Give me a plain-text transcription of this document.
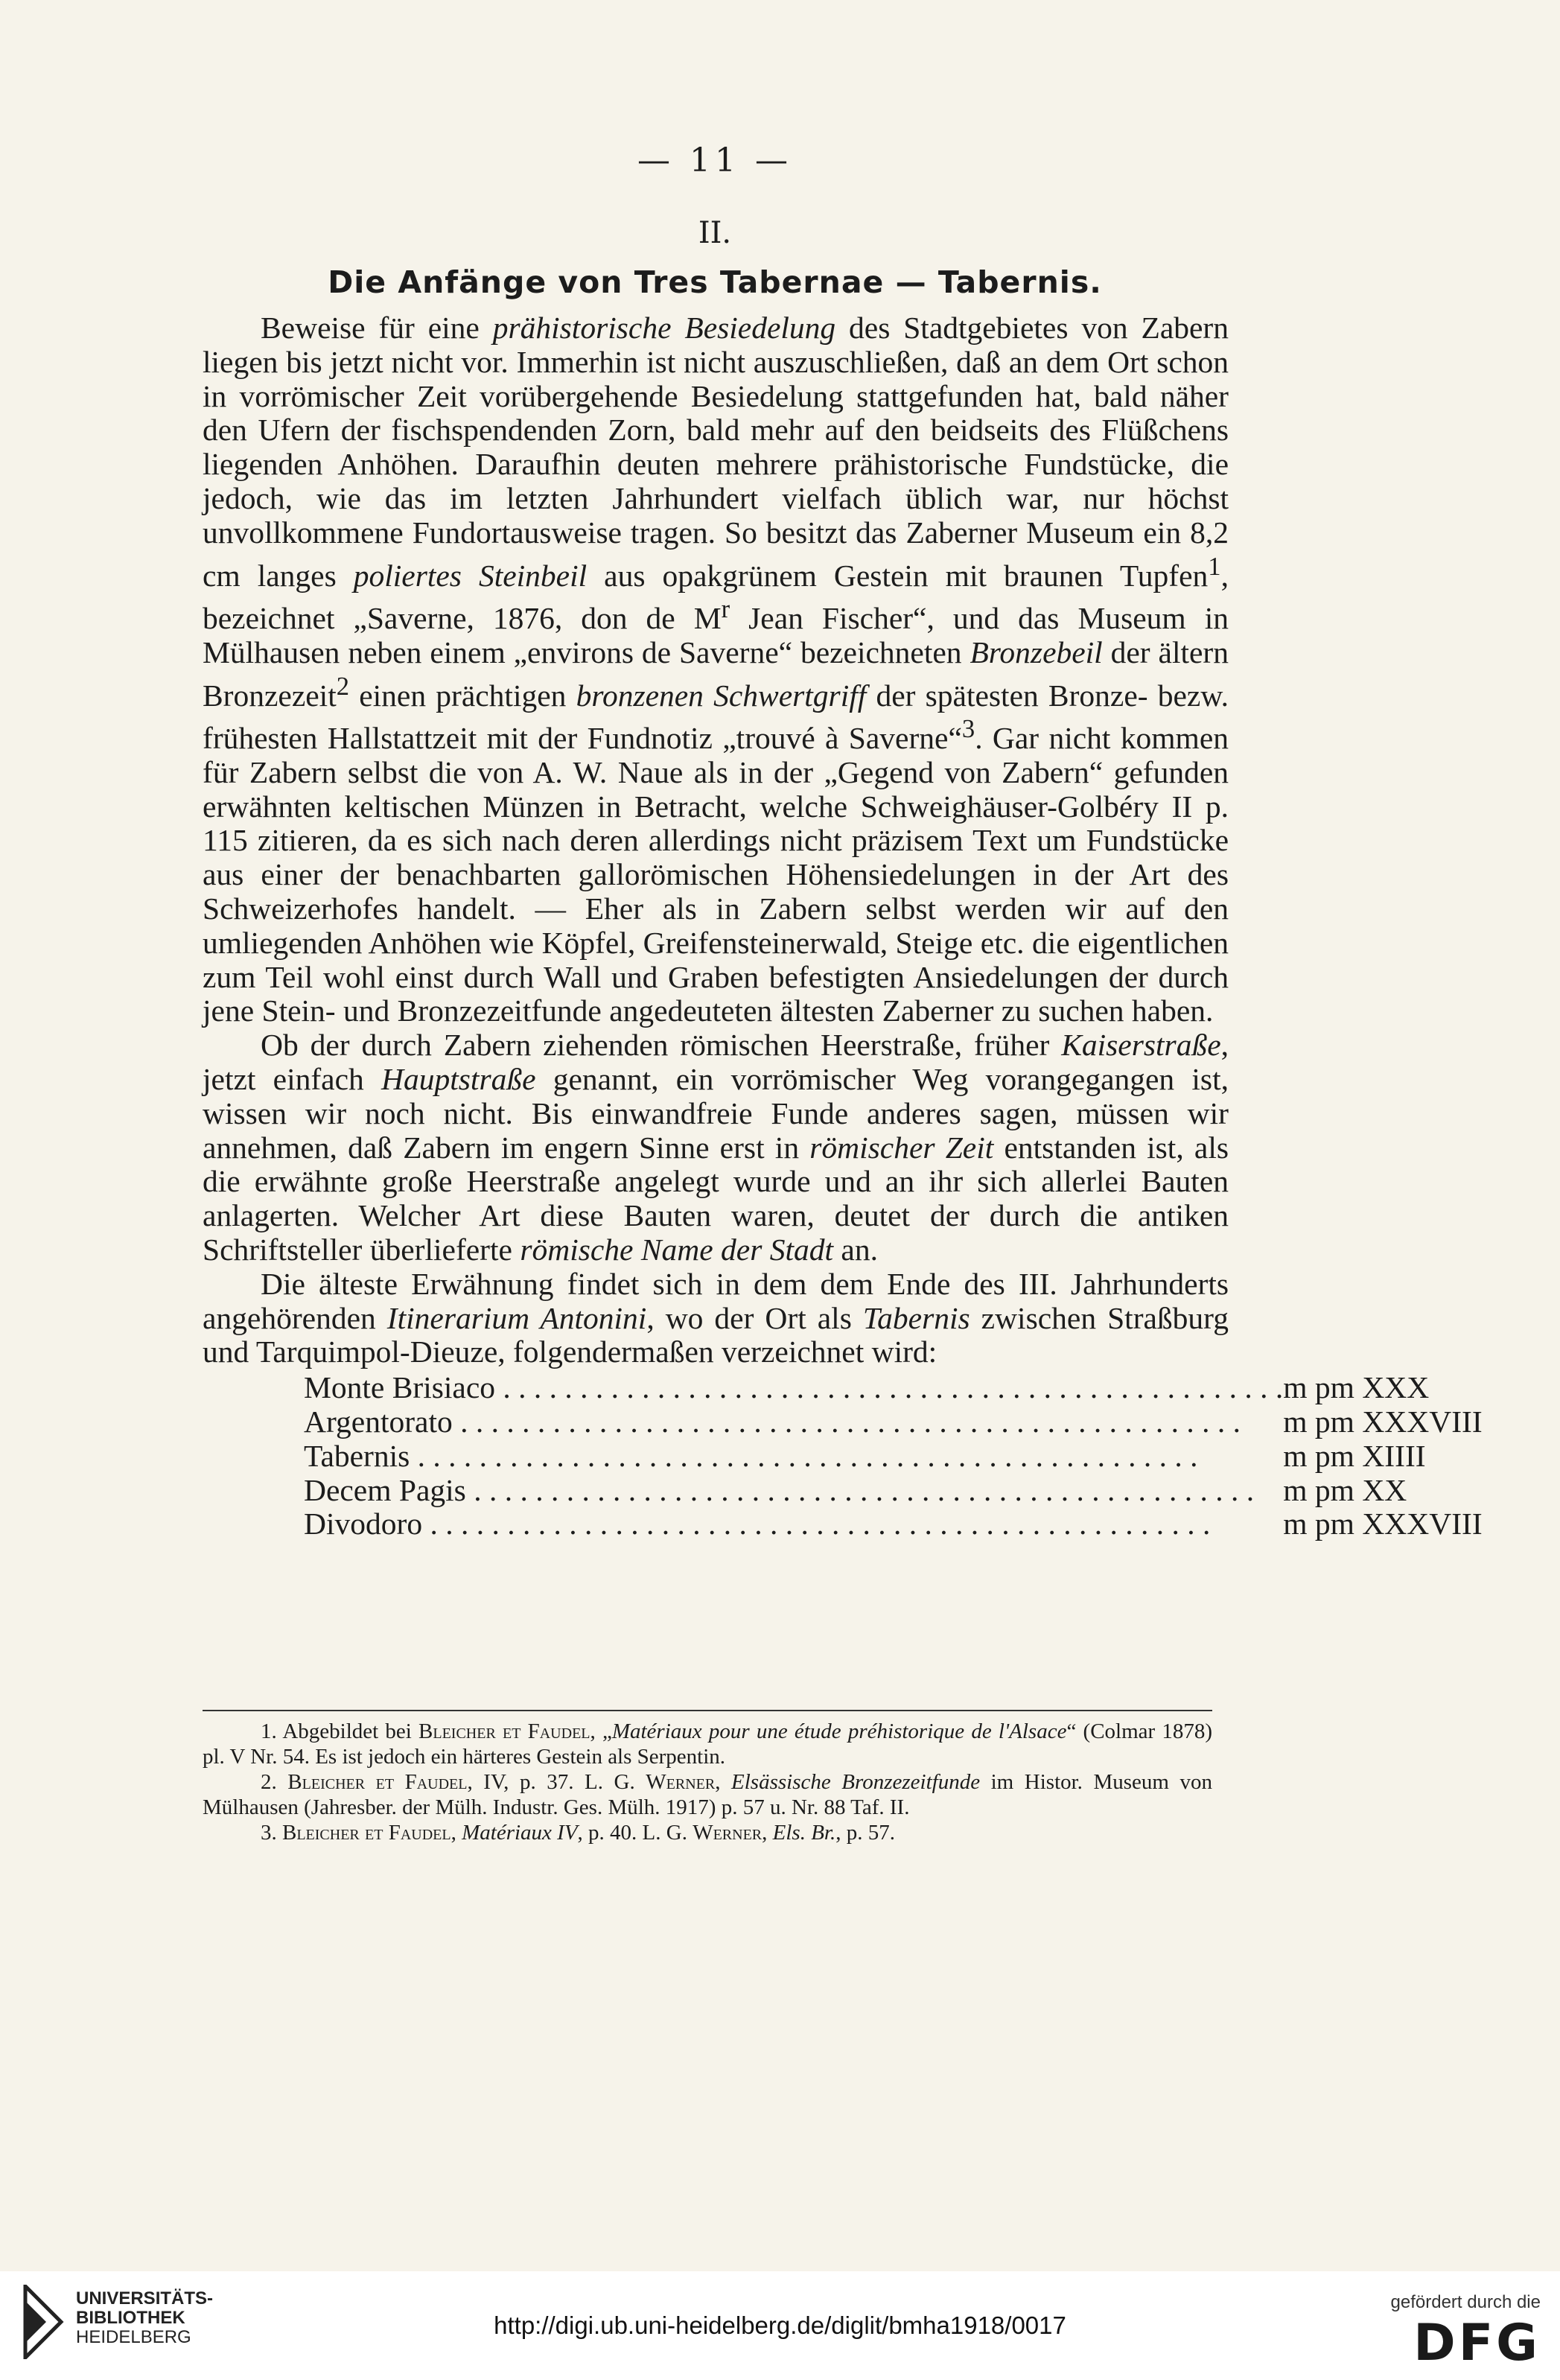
— 11 —
II.
Die Anfänge von Tres Tabernae — Tabernis.

Beweise für eine prähistorische Besiedelung des Stadtgebietes von Zabern liegen bis jetzt nicht vor. Immerhin ist nicht auszuschließen, daß an dem Ort schon in vorrömischer Zeit vorübergehende Besiedelung stattgefunden hat, bald näher den Ufern der fischspendenden Zorn, bald mehr auf den beidseits des Flüßchens liegenden Anhöhen. Daraufhin deuten mehrere prähistorische Fundstücke, die jedoch, wie das im letzten Jahrhundert vielfach üblich war, nur höchst unvollkommene Fundortausweise tragen. So besitzt das Zaberner Museum ein 8,2 cm langes poliertes Steinbeil aus opakgrünem Gestein mit braunen Tupfen$^1$, bezeichnet „Saverne, 1876, don de $M^r$ Jean Fischer“, und das Museum in Mülhausen neben einem „environs de Saverne“ bezeichneten Bronzebeil der ältern Bronzezeit$^2$ einen prächtigen bronzenen Schwertgriff der spätesten Bronze- bezw. frühesten Hallstattzeit mit der Fundnotiz „trouvé à Saverne“$^3$. Gar nicht kommen für Zabern selbst die von A. W. Naue als in der „Gegend von Zabern“ gefunden erwähnten keltischen Münzen in Betracht, welche Schweighäuser-Golbéry II p. 115 zitieren, da es sich nach deren allerdings nicht präzisem Text um Fundstücke aus einer der benachbarten gallorömischen Höhensiedelungen in der Art des Schweizerhofes handelt. — Eher als in Zabern selbst werden wir auf den umliegenden Anhöhen wie Köpfel, Greifensteinerwald, Steige etc. die eigentlichen zum Teil wohl einst durch Wall und Graben befestigten Ansiedelungen der durch jene Stein- und Bronzezeitfunde angedeuteten ältesten Zaberner zu suchen haben.

Ob der durch Zabern ziehenden römischen Heerstraße, früher Kaiserstraße, jetzt einfach Hauptstraße genannt, ein vorrömischer Weg vorangegangen ist, wissen wir noch nicht. Bis einwandfreie Funde anderes sagen, müssen wir annehmen, daß Zabern im engern Sinne erst in römischer Zeit entstanden ist, als die erwähnte große Heerstraße angelegt wurde und an ihr sich allerlei Bauten anlagerten. Welcher Art diese Bauten waren, deutet der durch die antiken Schriftsteller überlieferte römische Name der Stadt an.

Die älteste Erwähnung findet sich in dem dem Ende des III. Jahrhunderts angehörenden Itinerarium Antonini, wo der Ort als Tabernis zwischen Straßburg und Tarquimpol-Dieuze, folgendermaßen verzeichnet wird:

Monte Brisiaco . . . . . . . . . . . . . . . . . . . . . . . . . . . . . . . . . . . . . . . . . . . . . . . . . . .	m pm XXX
Argentorato . . . . . . . . . . . . . . . . . . . . . . . . . . . . . . . . . . . . . . . . . . . . . . . . . . .	m pm XXXVIII
Tabernis . . . . . . . . . . . . . . . . . . . . . . . . . . . . . . . . . . . . . . . . . . . . . . . . . . .	m pm XIIII
Decem Pagis . . . . . . . . . . . . . . . . . . . . . . . . . . . . . . . . . . . . . . . . . . . . . . . . . . .	m pm XX
Divodoro . . . . . . . . . . . . . . . . . . . . . . . . . . . . . . . . . . . . . . . . . . . . . . . . . . .	m pm XXXVIII

1. Abgebildet bei Bleicher et Faudel, „Matériaux pour une étude préhistorique de l'Alsace“ (Colmar 1878) pl. V Nr. 54. Es ist jedoch ein härteres Gestein als Serpentin.

2. Bleicher et Faudel, IV, p. 37. L. G. Werner, Elsässische Bronzezeitfunde im Histor. Museum von Mülhausen (Jahresber. der Mülh. Industr. Ges. Mülh. 1917) p. 57 u. Nr. 88 Taf. II.

3. Bleicher et Faudel, Matériaux IV, p. 40. L. G. Werner, Els. Br., p. 57.

UNIVERSITÄTS-
BIBLIOTHEK
HEIDELBERG	http://digi.ub.uni-heidelberg.de/diglit/bmha1918/0017
gefördert durch die
DFG
